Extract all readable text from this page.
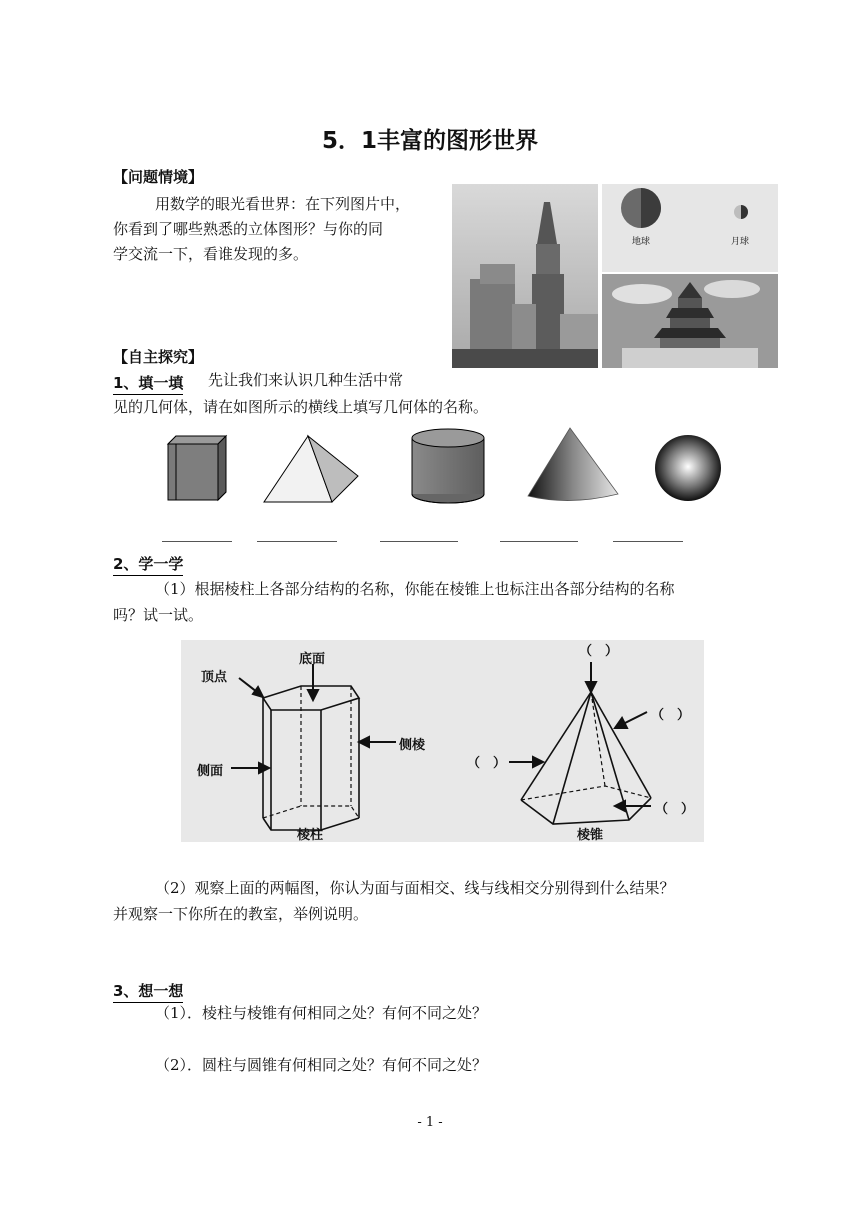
5．1丰富的图形世界
【问题情境】
用数学的眼光看世界：在下列图片中，
你看到了哪些熟悉的立体图形？与你的同
学交流一下，看谁发现的多。
地球	月球
【自主探究】
1、填一填 先让我们来认识几种生活中常
见的几何体，请在如图所示的横线上填写几何体的名称。
2、学一学
（1）根据棱柱上各部分结构的名称，你能在棱锥上也标注出各部分结构的名称
吗？试一试。
底面
顶点
侧棱
侧面
棱柱
（　）
（　）
（　）
（　）
棱锥
（2）观察上面的两幅图，你认为面与面相交、线与线相交分别得到什么结果？
并观察一下你所在的教室，举例说明。
3、想一想
（1）．棱柱与棱锥有何相同之处？有何不同之处？
（2）．圆柱与圆锥有何相同之处？有何不同之处？
- 1 -
